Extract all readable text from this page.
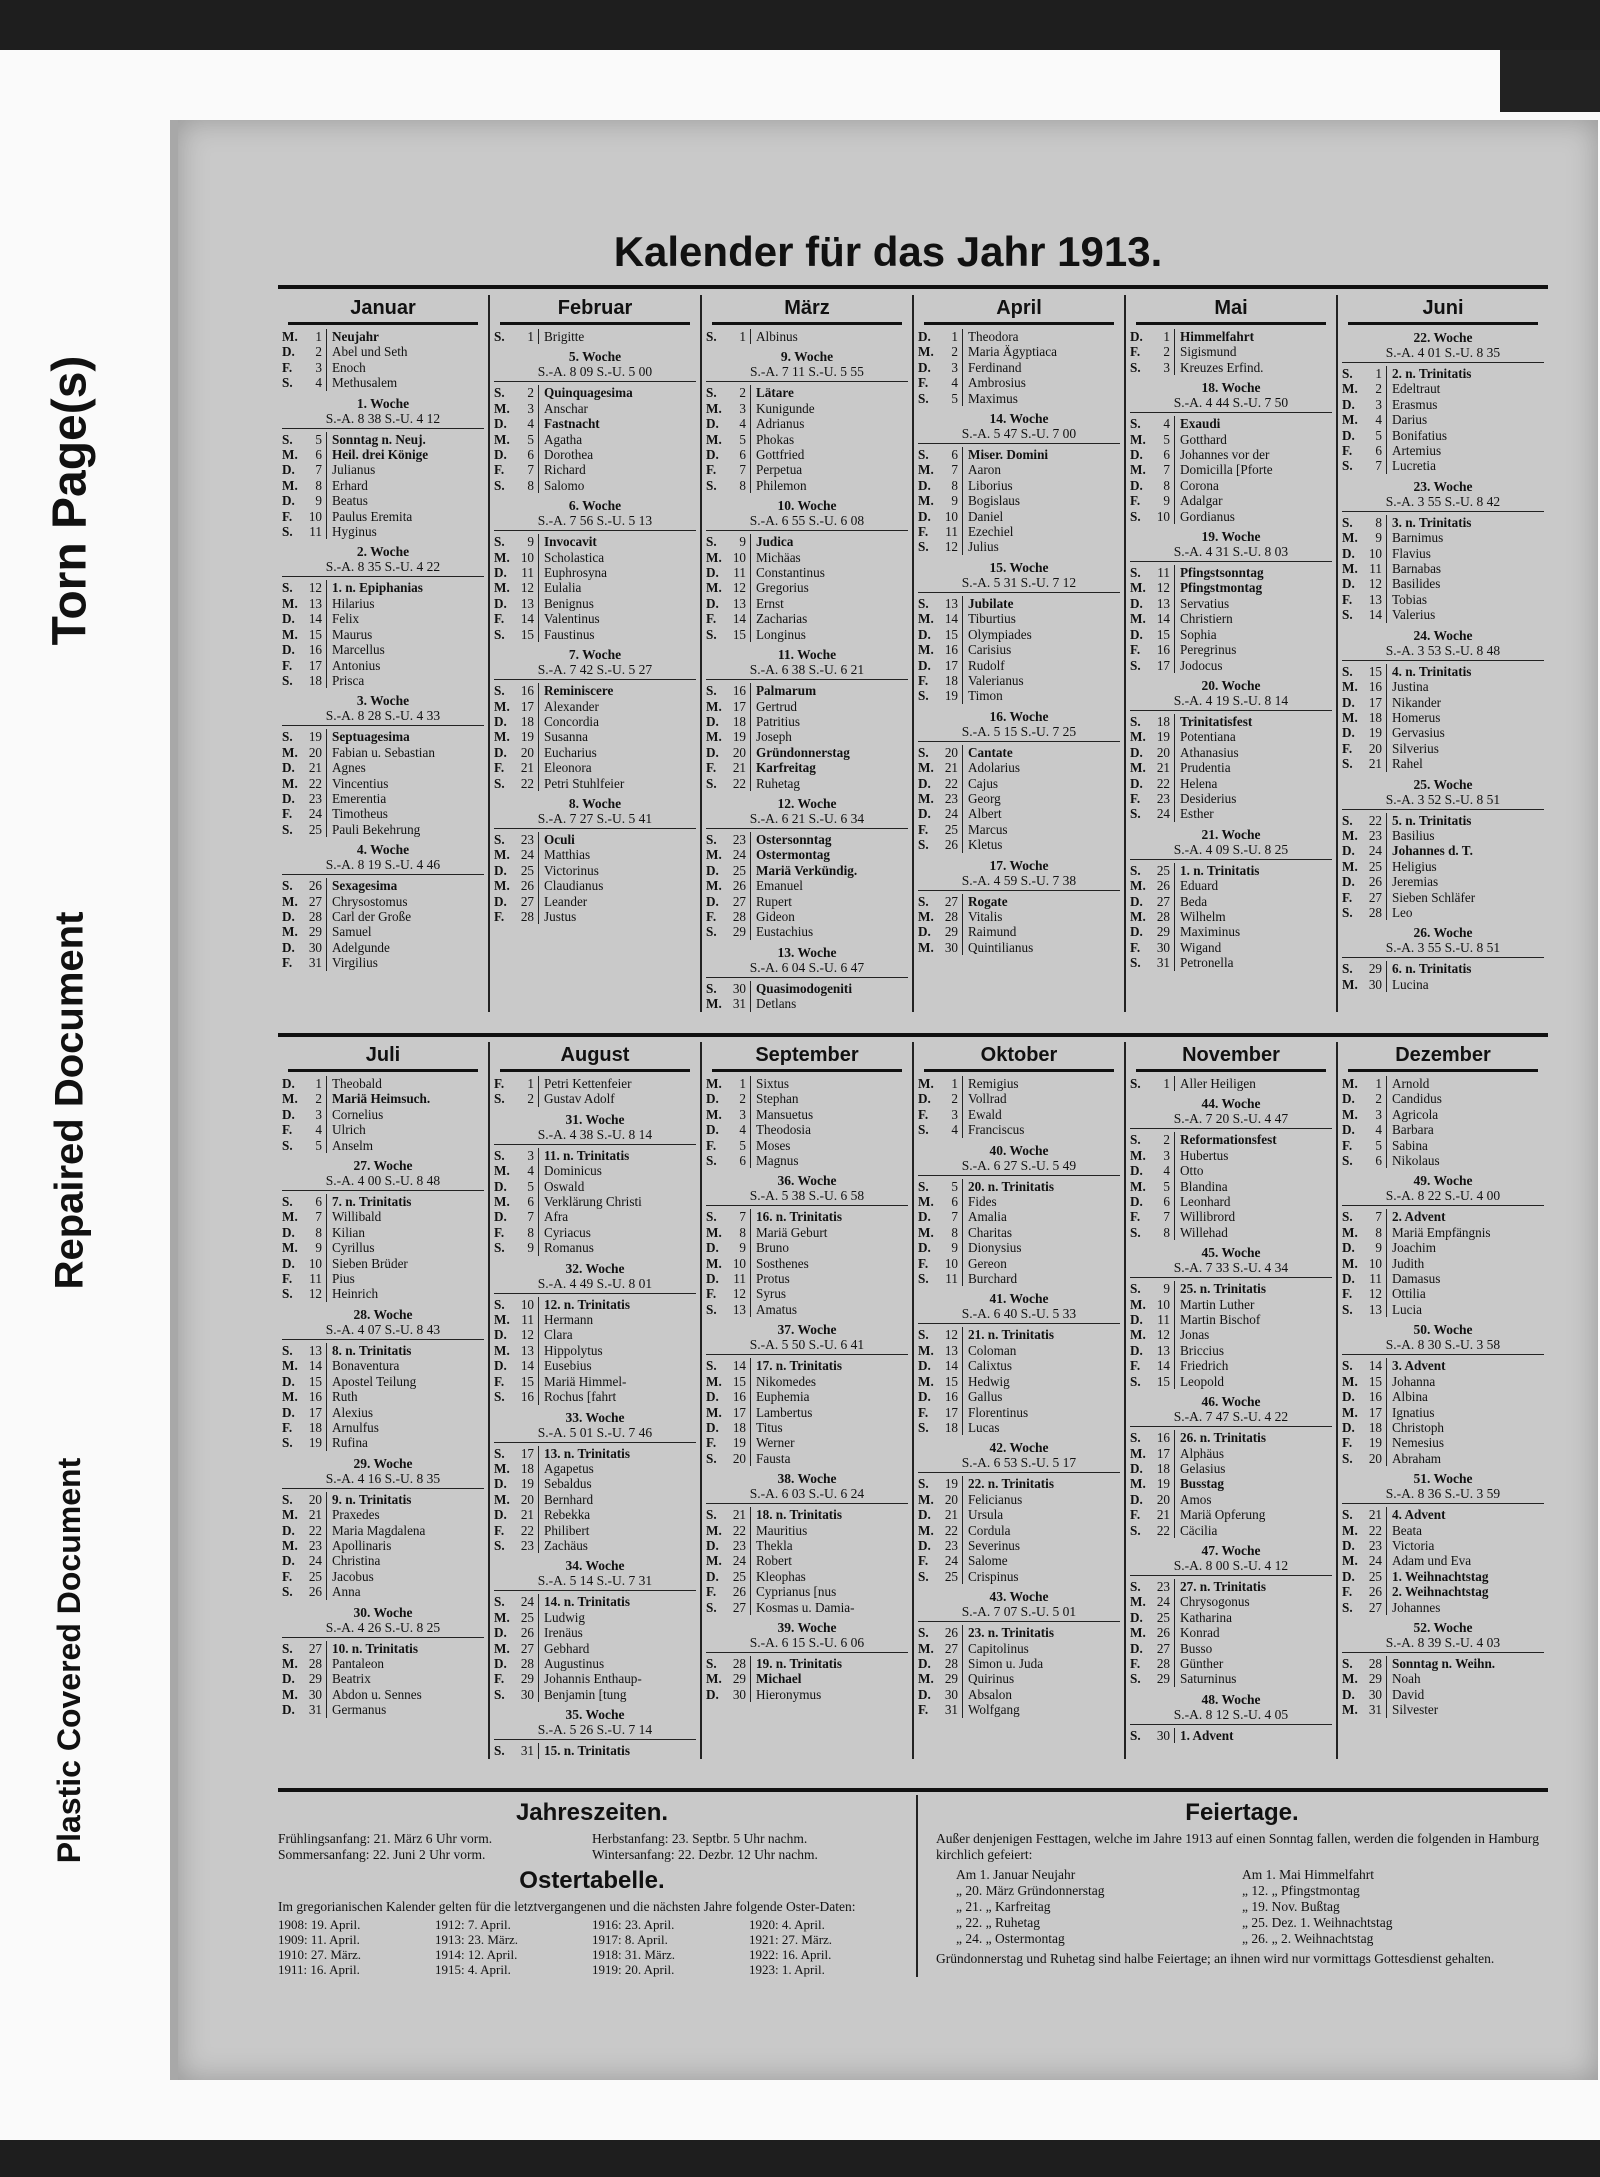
Torn Page(s)
Repaired Document
Plastic Covered Document
Kalender für das Jahr 1913.
Januar
M.	1 Neujahr
D.	2 Abel und Seth
F.	3 Enoch
S.	4 Methusalem
1. Woche
S.-A. 8 38 S.-U. 4 12
S.	5 Sonntag n. Neuj.
M.	6 Heil. drei Könige
D.	7 Julianus
M.	8 Erhard
D.	9 Beatus
F.	10 Paulus Eremita
S.	11 Hyginus
2. Woche
S.-A. 8 35 S.-U. 4 22
S.	12 1. n. Epiphanias
M. 13 Hilarius
D.	14 Felix
M. 15 Maurus
D.	16 Marcellus
F.	17 Antonius
S.	18 Prisca
3. Woche
S.-A. 8 28 S.-U. 4 33
S.	19 Septuagesima
M. 20 Fabian u. Sebastian
D.	21 Agnes
M. 22 Vincentius
D.	23 Emerentia
F.	24 Timotheus
S.	25 Pauli Bekehrung
4. Woche
S.-A. 8 19 S.-U. 4 46
S.	26 Sexagesima
M. 27 Chrysostomus
D.	28 Carl der Große
M. 29 Samuel
D.	30 Adelgunde
F.	31 Virgilius
Februar
S.	1 Brigitte
5. Woche
S.-A. 8 09 S.-U. 5 00
S.	2 Quinquagesima
M.	3 Anschar
D.	4 Fastnacht
M.	5 Agatha
D.	6 Dorothea
F.	7 Richard
S.	8 Salomo
6. Woche
S.-A. 7 56 S.-U. 5 13
S.	9 Invocavit
M. 10 Scholastica
D.	11 Euphrosyna
M. 12 Eulalia
D.	13 Benignus
F.	14 Valentinus
S.	15 Faustinus
7. Woche
S.-A. 7 42 S.-U. 5 27
S.	16 Reminiscere
M. 17 Alexander
D.	18 Concordia
M. 19 Susanna
D.	20 Eucharius
F.	21 Eleonora
S.	22 Petri Stuhlfeier
8. Woche
S.-A. 7 27 S.-U. 5 41
S.	23 Oculi
M. 24 Matthias
D.	25 Victorinus
M. 26 Claudianus
D.	27 Leander
F.	28 Justus
März
S.	1 Albinus
9. Woche
S.-A. 7 11 S.-U. 5 55
S.	2 Lätare
M.	3 Kunigunde
D.	4 Adrianus
M.	5 Phokas
D.	6 Gottfried
F.	7 Perpetua
S.	8 Philemon
10. Woche
S.-A. 6 55 S.-U. 6 08
S.	9 Judica
M. 10 Michäas
D.	11 Constantinus
M. 12 Gregorius
D.	13 Ernst
F.	14 Zacharias
S.	15 Longinus
11. Woche
S.-A. 6 38 S.-U. 6 21
S.	16 Palmarum
M. 17 Gertrud
D.	18 Patritius
M. 19 Joseph
D.	20 Gründonnerstag
F.	21 Karfreitag
S.	22 Ruhetag
12. Woche
S.-A. 6 21 S.-U. 6 34
S.	23 Ostersonntag
M. 24 Ostermontag
D.	25 Mariä Verkündig.
M. 26 Emanuel
D.	27 Rupert
F.	28 Gideon
S.	29 Eustachius
13. Woche
S.-A. 6 04 S.-U. 6 47
S.	30 Quasimodogeniti
M. 31 Detlans
April
D.	1 Theodora
M.	2 Maria Ägyptiaca
D.	3 Ferdinand
F.	4 Ambrosius
S.	5 Maximus
14. Woche
S.-A. 5 47 S.-U. 7 00
S.	6 Miser. Domini
M.	7 Aaron
D.	8 Liborius
M.	9 Bogislaus
D.	10 Daniel
F.	11 Ezechiel
S.	12 Julius
15. Woche
S.-A. 5 31 S.-U. 7 12
S.	13 Jubilate
M. 14 Tiburtius
D.	15 Olympiades
M. 16 Carisius
D.	17 Rudolf
F.	18 Valerianus
S.	19 Timon
16. Woche
S.-A. 5 15 S.-U. 7 25
S.	20 Cantate
M. 21 Adolarius
D.	22 Cajus
M. 23 Georg
D.	24 Albert
F.	25 Marcus
S.	26 Kletus
17. Woche
S.-A. 4 59 S.-U. 7 38
S.	27 Rogate
M. 28 Vitalis
D.	29 Raimund
M. 30 Quintilianus
Mai
D.	1 Himmelfahrt
F.	2 Sigismund
S.	3 Kreuzes Erfind.
18. Woche
S.-A. 4 44 S.-U. 7 50
S.	4 Exaudi
M.	5 Gotthard
D.	6 Johannes vor der
M.	7 Domicilla [Pforte
D.	8 Corona
F.	9 Adalgar
S.	10 Gordianus
19. Woche
S.-A. 4 31 S.-U. 8 03
S.	11 Pfingstsonntag
M. 12 Pfingstmontag
D.	13 Servatius
M. 14 Christiern
D.	15 Sophia
F.	16 Peregrinus
S.	17 Jodocus
20. Woche
S.-A. 4 19 S.-U. 8 14
S.	18 Trinitatisfest
M. 19 Potentiana
D.	20 Athanasius
M. 21 Prudentia
D.	22 Helena
F.	23 Desiderius
S.	24 Esther
21. Woche
S.-A. 4 09 S.-U. 8 25
S.	25 1. n. Trinitatis
M. 26 Eduard
D.	27 Beda
M. 28 Wilhelm
D.	29 Maximinus
F.	30 Wigand
S.	31 Petronella
Juni
22. Woche
S.-A. 4 01 S.-U. 8 35
S.	1 2. n. Trinitatis
M.	2 Edeltraut
D.	3 Erasmus
M.	4 Darius
D.	5 Bonifatius
F.	6 Artemius
S.	7 Lucretia
23. Woche
S.-A. 3 55 S.-U. 8 42
S.	8 3. n. Trinitatis
M.	9 Barnimus
D.	10 Flavius
M. 11 Barnabas
D.	12 Basilides
F.	13 Tobias
S.	14 Valerius
24. Woche
S.-A. 3 53 S.-U. 8 48
S.	15 4. n. Trinitatis
M. 16 Justina
D.	17 Nikander
M. 18 Homerus
D.	19 Gervasius
F.	20 Silverius
S.	21 Rahel
25. Woche
S.-A. 3 52 S.-U. 8 51
S.	22 5. n. Trinitatis
M. 23 Basilius
D.	24 Johannes d. T.
M. 25 Heligius
D.	26 Jeremias
F.	27 Sieben Schläfer
S.	28 Leo
26. Woche
S.-A. 3 55 S.-U. 8 51
S.	29 6. n. Trinitatis
M. 30 Lucina
Juli
D.	1 Theobald
M.	2 Mariä Heimsuch.
D.	3 Cornelius
F.	4 Ulrich
S.	5 Anselm
27. Woche
S.-A. 4 00 S.-U. 8 48
S.	6 7. n. Trinitatis
M.	7 Willibald
D.	8 Kilian
M.	9 Cyrillus
D.	10 Sieben Brüder
F.	11 Pius
S.	12 Heinrich
28. Woche
S.-A. 4 07 S.-U. 8 43
S.	13 8. n. Trinitatis
M. 14 Bonaventura
D.	15 Apostel Teilung
M. 16 Ruth
D.	17 Alexius
F.	18 Arnulfus
S.	19 Rufina
29. Woche
S.-A. 4 16 S.-U. 8 35
S.	20 9. n. Trinitatis
M. 21 Praxedes
D.	22 Maria Magdalena
M. 23 Apollinaris
D.	24 Christina
F.	25 Jacobus
S.	26 Anna
30. Woche
S.-A. 4 26 S.-U. 8 25
S.	27 10. n. Trinitatis
M. 28 Pantaleon
D.	29 Beatrix
M. 30 Abdon u. Sennes
D.	31 Germanus
August
F.	1 Petri Kettenfeier
S.	2 Gustav Adolf
31. Woche
S.-A. 4 38 S.-U. 8 14
S.	3 11. n. Trinitatis
M.	4 Dominicus
D.	5 Oswald
M.	6 Verklärung Christi
D.	7 Afra
F.	8 Cyriacus
S.	9 Romanus
32. Woche
S.-A. 4 49 S.-U. 8 01
S.	10 12. n. Trinitatis
M. 11 Hermann
D.	12 Clara
M. 13 Hippolytus
D.	14 Eusebius
F.	15 Mariä Himmel-
S.	16 Rochus [fahrt
33. Woche
S.-A. 5 01 S.-U. 7 46
S.	17 13. n. Trinitatis
M. 18 Agapetus
D.	19 Sebaldus
M. 20 Bernhard
D.	21 Rebekka
F.	22 Philibert
S.	23 Zachäus
34. Woche
S.-A. 5 14 S.-U. 7 31
S.	24 14. n. Trinitatis
M. 25 Ludwig
D.	26 Irenäus
M. 27 Gebhard
D.	28 Augustinus
F.	29 Johannis Enthaup-
S.	30 Benjamin [tung
35. Woche
S.-A. 5 26 S.-U. 7 14
S.	31 15. n. Trinitatis
September
M.	1 Sixtus
D.	2 Stephan
M.	3 Mansuetus
D.	4 Theodosia
F.	5 Moses
S.	6 Magnus
36. Woche
S.-A. 5 38 S.-U. 6 58
S.	7 16. n. Trinitatis
M.	8 Mariä Geburt
D.	9 Bruno
M. 10 Sosthenes
D.	11 Protus
F.	12 Syrus
S.	13 Amatus
37. Woche
S.-A. 5 50 S.-U. 6 41
S.	14 17. n. Trinitatis
M. 15 Nikomedes
D.	16 Euphemia
M. 17 Lambertus
D.	18 Titus
F.	19 Werner
S.	20 Fausta
38. Woche
S.-A. 6 03 S.-U. 6 24
S.	21 18. n. Trinitatis
M. 22 Mauritius
D.	23 Thekla
M. 24 Robert
D.	25 Kleophas
F.	26 Cyprianus [nus
S.	27 Kosmas u. Damia-
39. Woche
S.-A. 6 15 S.-U. 6 06
S.	28 19. n. Trinitatis
M. 29 Michael
D.	30 Hieronymus
Oktober
M.	1 Remigius
D.	2 Vollrad
F.	3 Ewald
S.	4 Franciscus
40. Woche
S.-A. 6 27 S.-U. 5 49
S.	5 20. n. Trinitatis
M.	6 Fides
D.	7 Amalia
M.	8 Charitas
D.	9 Dionysius
F.	10 Gereon
S.	11 Burchard
41. Woche
S.-A. 6 40 S.-U. 5 33
S.	12 21. n. Trinitatis
M. 13 Coloman
D.	14 Calixtus
M. 15 Hedwig
D.	16 Gallus
F.	17 Florentinus
S.	18 Lucas
42. Woche
S.-A. 6 53 S.-U. 5 17
S.	19 22. n. Trinitatis
M. 20 Felicianus
D.	21 Ursula
M. 22 Cordula
D.	23 Severinus
F.	24 Salome
S.	25 Crispinus
43. Woche
S.-A. 7 07 S.-U. 5 01
S.	26 23. n. Trinitatis
M. 27 Capitolinus
D.	28 Simon u. Juda
M. 29 Quirinus
D.	30 Absalon
F.	31 Wolfgang
November
S.	1 Aller Heiligen
44. Woche
S.-A. 7 20 S.-U. 4 47
S.	2 Reformationsfest
M.	3 Hubertus
D.	4 Otto
M.	5 Blandina
D.	6 Leonhard
F.	7 Willibrord
S.	8 Willehad
45. Woche
S.-A. 7 33 S.-U. 4 34
S.	9 25. n. Trinitatis
M. 10 Martin Luther
D.	11 Martin Bischof
M. 12 Jonas
D.	13 Briccius
F.	14 Friedrich
S.	15 Leopold
46. Woche
S.-A. 7 47 S.-U. 4 22
S.	16 26. n. Trinitatis
M. 17 Alphäus
D.	18 Gelasius
M. 19 Busstag
D.	20 Amos
F.	21 Mariä Opferung
S.	22 Cäcilia
47. Woche
S.-A. 8 00 S.-U. 4 12
S.	23 27. n. Trinitatis
M. 24 Chrysogonus
D.	25 Katharina
M. 26 Konrad
D.	27 Busso
F.	28 Günther
S.	29 Saturninus
48. Woche
S.-A. 8 12 S.-U. 4 05
S.	30 1. Advent
Dezember
M.	1 Arnold
D.	2 Candidus
M.	3 Agricola
D.	4 Barbara
F.	5 Sabina
S.	6 Nikolaus
49. Woche
S.-A. 8 22 S.-U. 4 00
S.	7 2. Advent
M.	8 Mariä Empfängnis
D.	9 Joachim
M. 10 Judith
D.	11 Damasus
F.	12 Ottilia
S.	13 Lucia
50. Woche
S.-A. 8 30 S.-U. 3 58
S.	14 3. Advent
M. 15 Johanna
D.	16 Albina
M. 17 Ignatius
D.	18 Christoph
F.	19 Nemesius
S.	20 Abraham
51. Woche
S.-A. 8 36 S.-U. 3 59
S.	21 4. Advent
M. 22 Beata
D.	23 Victoria
M. 24 Adam und Eva
D.	25 1. Weihnachtstag
F.	26 2. Weihnachtstag
S.	27 Johannes
52. Woche
S.-A. 8 39 S.-U. 4 03
S.	28 Sonntag n. Weihn.
M. 29 Noah
D.	30 David
M. 31 Silvester
Jahreszeiten.
Frühlingsanfang: 21. März 6 Uhr vorm.	Herbstanfang: 23. Septbr. 5 Uhr nachm.
Sommersanfang: 22. Juni 2 Uhr vorm.	Wintersanfang: 22. Dezbr. 12 Uhr nachm.
Ostertabelle.
Im gregorianischen Kalender gelten für die letztvergangenen und die nächsten Jahre folgende Oster-Daten:
1908: 19. April.	1912: 7. April.	1916: 23. April.	1920: 4. April.
1909: 11. April.	1913: 23. März.	1917: 8. April.	1921: 27. März.
1910: 27. März.	1914: 12. April.	1918: 31. März.	1922: 16. April.
1911: 16. April.	1915: 4. April.	1919: 20. April.	1923: 1. April.
Feiertage.
Außer denjenigen Festtagen, welche im Jahre 1913 auf einen Sonntag fallen, werden die folgenden in Hamburg kirchlich gefeiert:
Am 1. Januar Neujahr	Am 1. Mai Himmelfahrt
„ 20. März Gründonnerstag	„ 12. „ Pfingstmontag
„ 21. „ Karfreitag	„ 19. Nov. Bußtag
„ 22. „ Ruhetag	„ 25. Dez. 1. Weihnachtstag
„ 24. „ Ostermontag	„ 26. „ 2. Weihnachtstag
Gründonnerstag und Ruhetag sind halbe Feiertage; an ihnen wird nur vormittags Gottesdienst gehalten.
